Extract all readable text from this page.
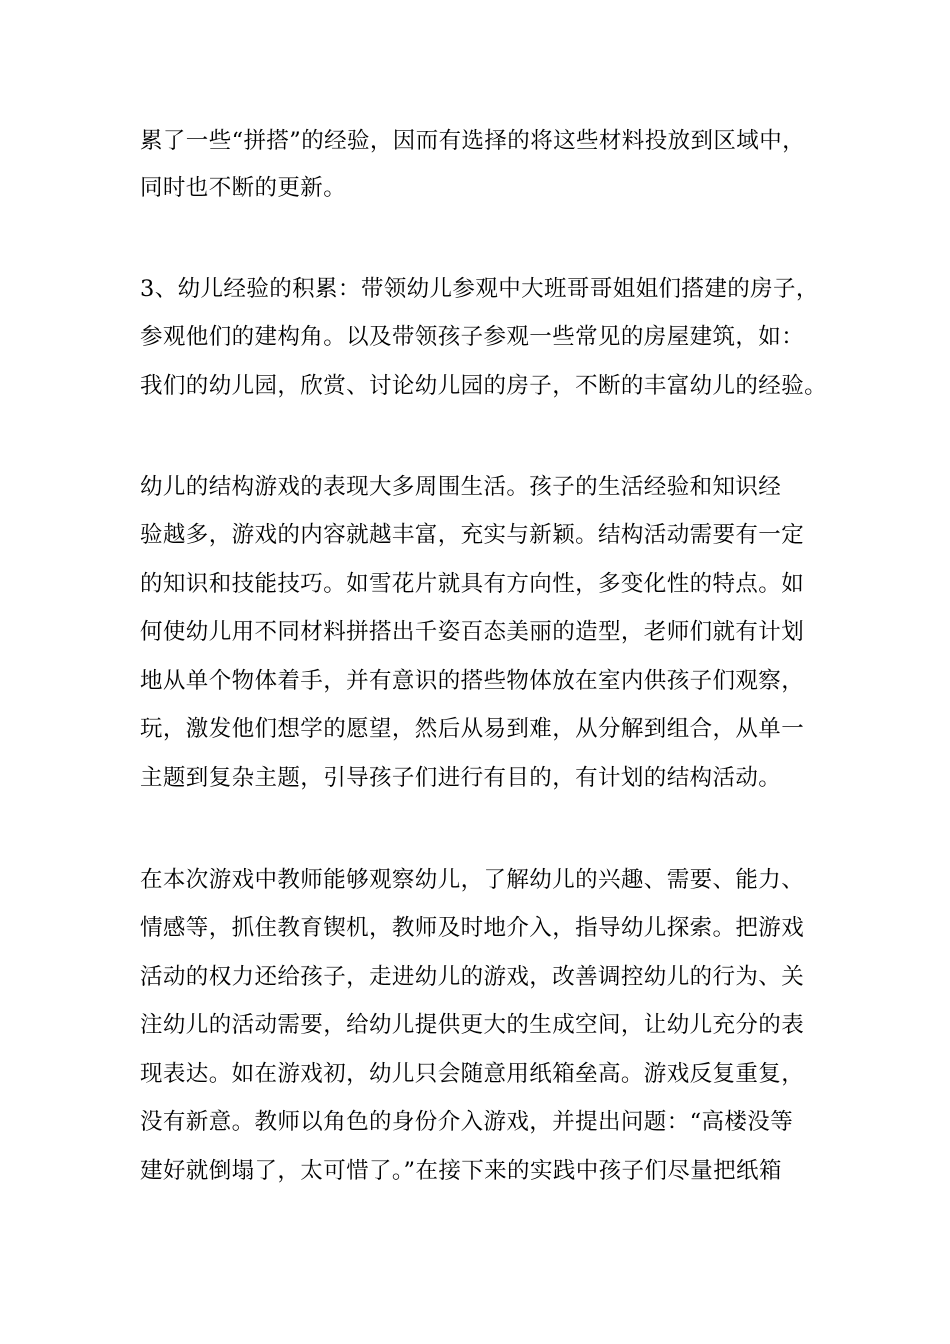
累了一些“拼搭”的经验，因而有选择的将这些材料投放到区域中，
同时也不断的更新。
3、幼儿经验的积累：带领幼儿参观中大班哥哥姐姐们搭建的房子，
参观他们的建构角。以及带领孩子参观一些常见的房屋建筑，如：
我们的幼儿园，欣赏、讨论幼儿园的房子，不断的丰富幼儿的经验。
幼儿的结构游戏的表现大多周围生活。孩子的生活经验和知识经
验越多，游戏的内容就越丰富，充实与新颖。结构活动需要有一定
的知识和技能技巧。如雪花片就具有方向性，多变化性的特点。如
何使幼儿用不同材料拼搭出千姿百态美丽的造型，老师们就有计划
地从单个物体着手，并有意识的搭些物体放在室内供孩子们观察，
玩，激发他们想学的愿望，然后从易到难，从分解到组合，从单一
主题到复杂主题，引导孩子们进行有目的，有计划的结构活动。
在本次游戏中教师能够观察幼儿，了解幼儿的兴趣、需要、能力、
情感等，抓住教育锲机，教师及时地介入，指导幼儿探索。把游戏
活动的权力还给孩子，走进幼儿的游戏，改善调控幼儿的行为、关
注幼儿的活动需要，给幼儿提供更大的生成空间，让幼儿充分的表
现表达。如在游戏初，幼儿只会随意用纸箱垒高。游戏反复重复，
没有新意。教师以角色的身份介入游戏，并提出问题：“高楼没等
建好就倒塌了，太可惜了。”在接下来的实践中孩子们尽量把纸箱
